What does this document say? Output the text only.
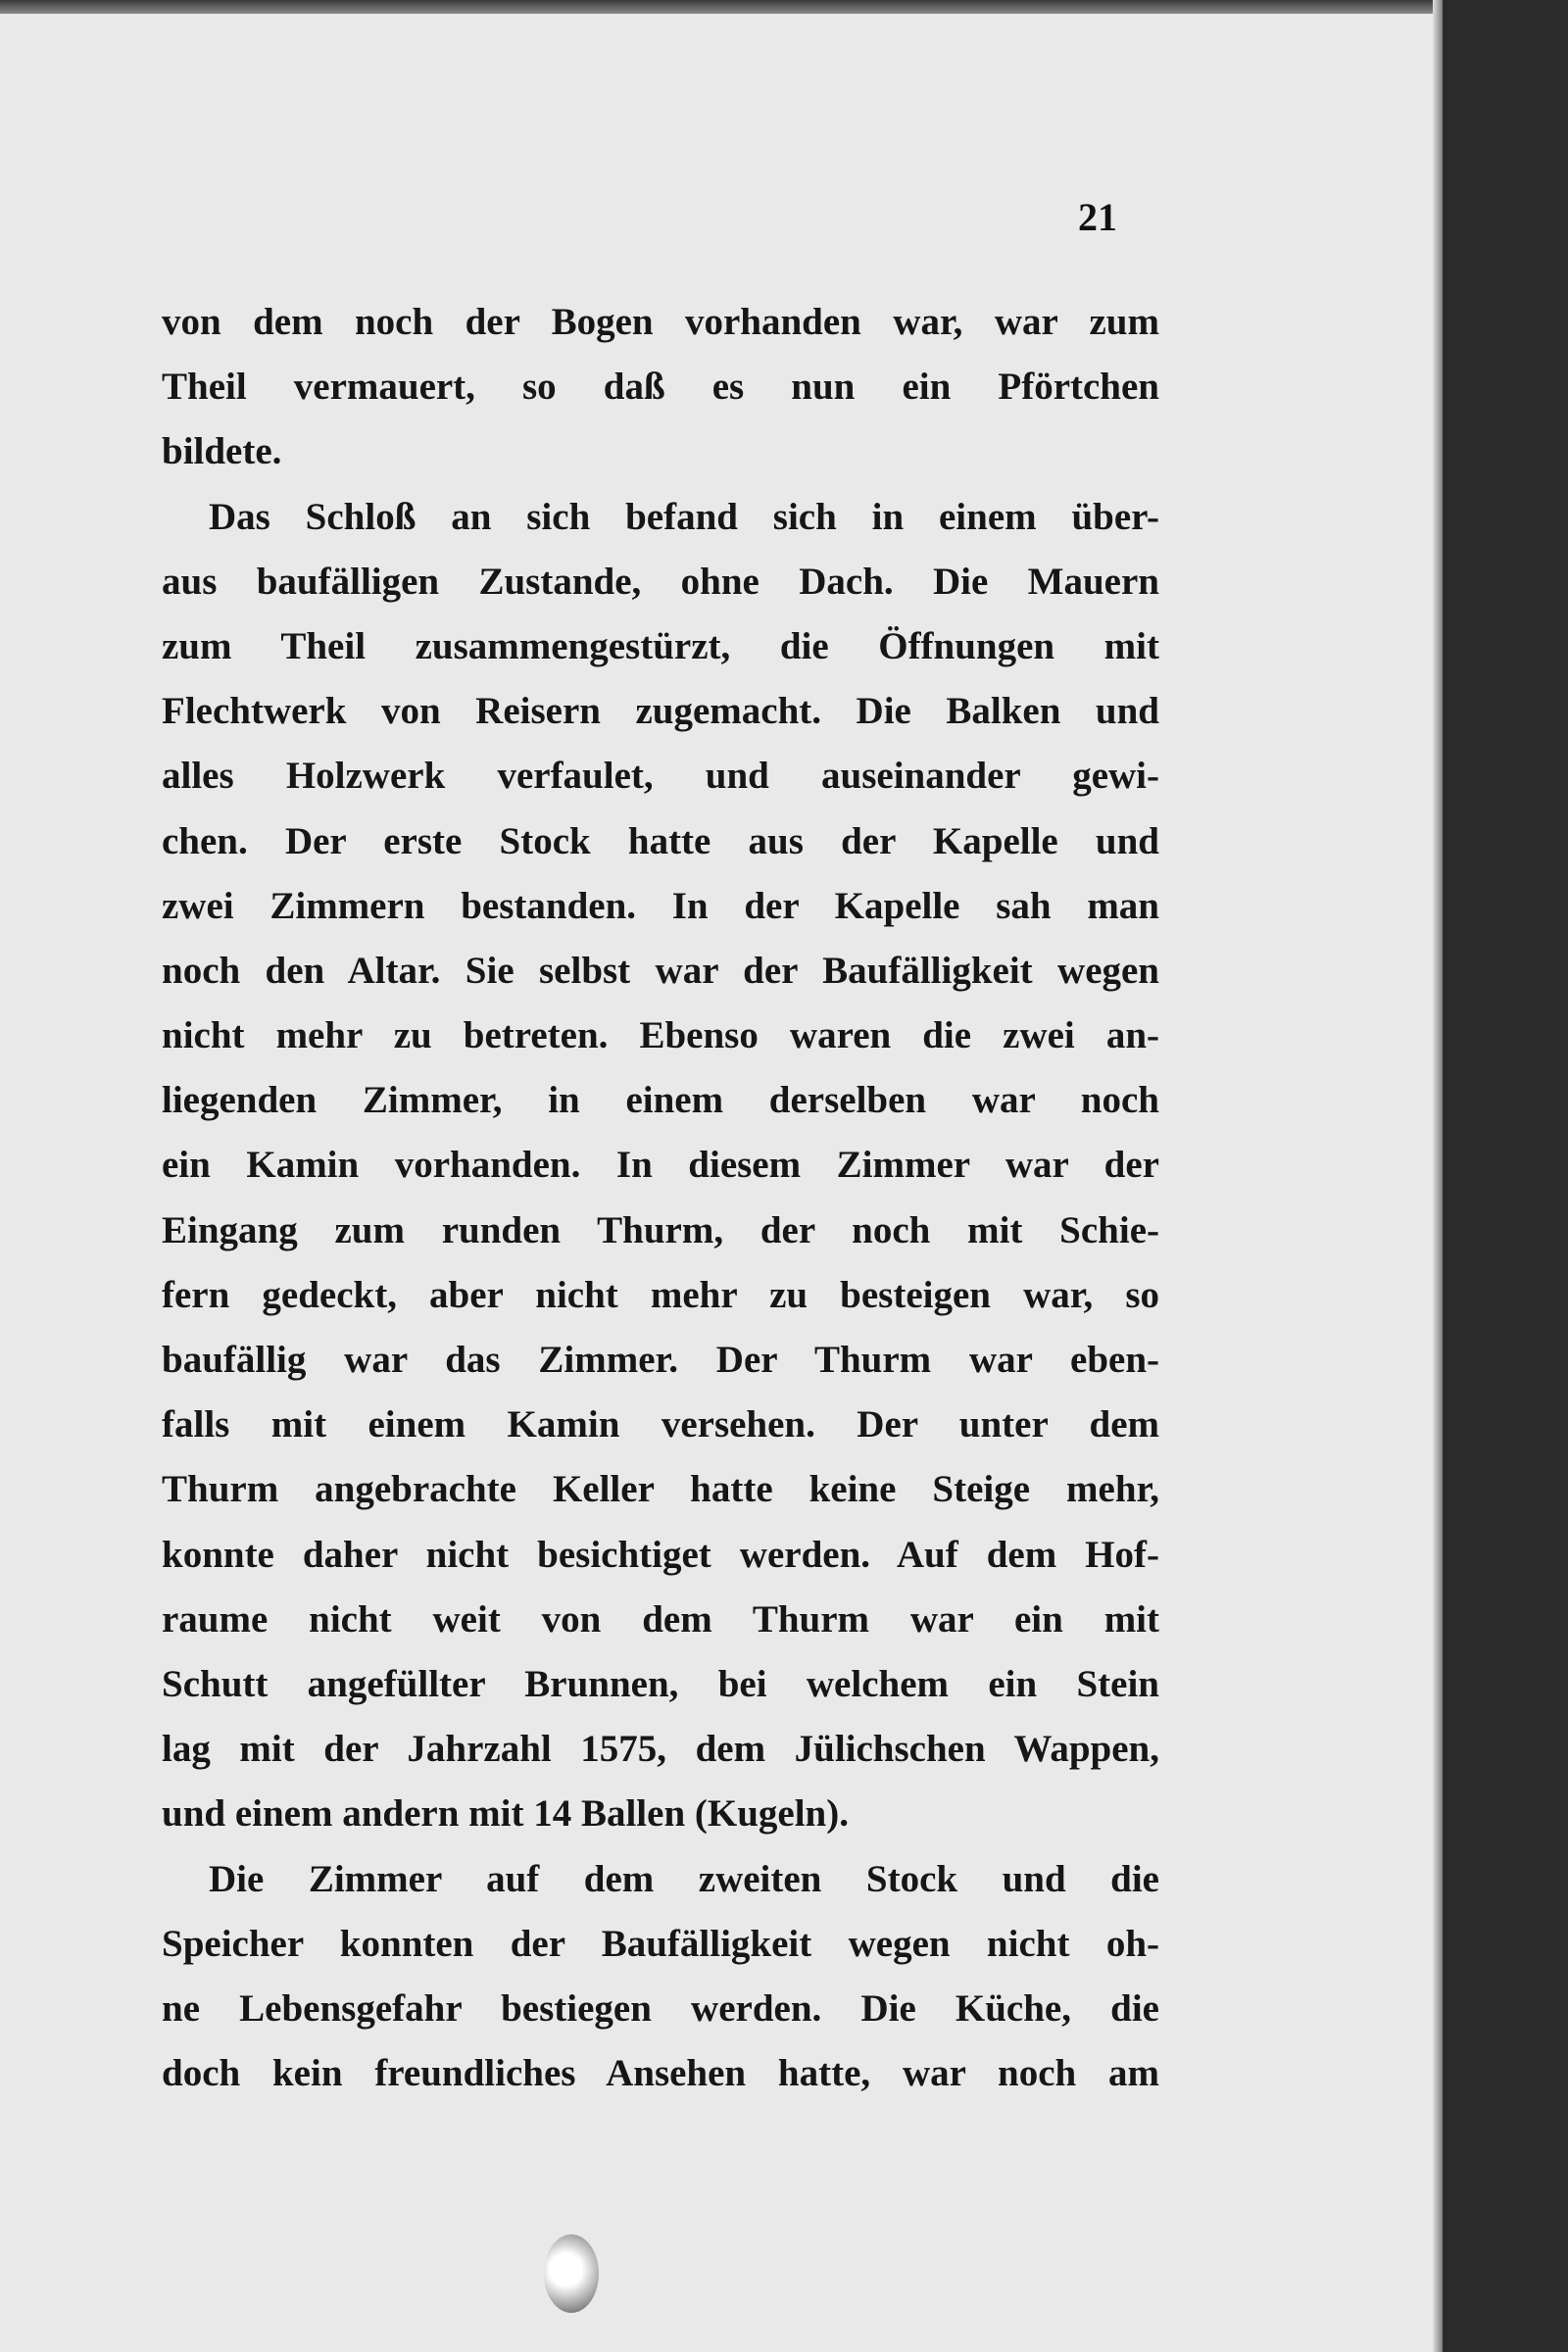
21
von dem noch der Bogen vorhanden war, war zum
Theil vermauert, so daß es nun ein Pförtchen
bildete.
Das Schloß an sich befand sich in einem über-
aus baufälligen Zustande, ohne Dach. Die Mauern
zum Theil zusammengestürzt, die Öffnungen mit
Flechtwerk von Reisern zugemacht. Die Balken und
alles Holzwerk verfaulet, und auseinander gewi-
chen. Der erste Stock hatte aus der Kapelle und
zwei Zimmern bestanden. In der Kapelle sah man
noch den Altar. Sie selbst war der Baufälligkeit wegen
nicht mehr zu betreten. Ebenso waren die zwei an-
liegenden Zimmer, in einem derselben war noch
ein Kamin vorhanden. In diesem Zimmer war der
Eingang zum runden Thurm, der noch mit Schie-
fern gedeckt, aber nicht mehr zu besteigen war, so
baufällig war das Zimmer. Der Thurm war eben-
falls mit einem Kamin versehen. Der unter dem
Thurm angebrachte Keller hatte keine Steige mehr,
konnte daher nicht besichtiget werden. Auf dem Hof-
raume nicht weit von dem Thurm war ein mit
Schutt angefüllter Brunnen, bei welchem ein Stein
lag mit der Jahrzahl 1575, dem Jülichschen Wappen,
und einem andern mit 14 Ballen (Kugeln).
Die Zimmer auf dem zweiten Stock und die
Speicher konnten der Baufälligkeit wegen nicht oh-
ne Lebensgefahr bestiegen werden. Die Küche, die
doch kein freundliches Ansehen hatte, war noch am
